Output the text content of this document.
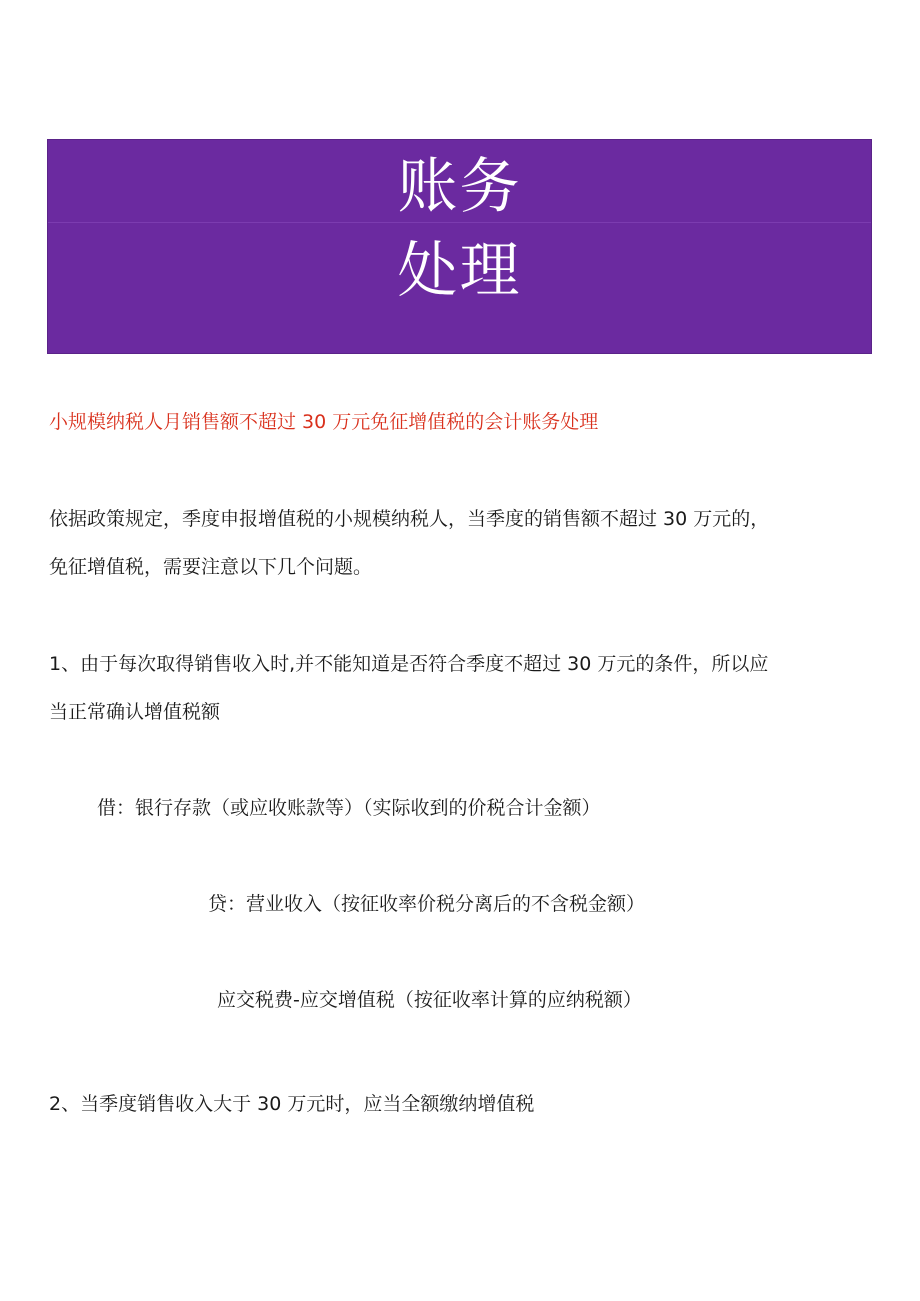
账务
处理
小规模纳税人月销售额不超过 30 万元免征增值税的会计账务处理
依据政策规定，季度申报增值税的小规模纳税人，当季度的销售额不超过 30 万元的，
免征增值税，需要注意以下几个问题。
1、由于每次取得销售收入时,并不能知道是否符合季度不超过 30 万元的条件，所以应
当正常确认增值税额
借：银行存款（或应收账款等）（实际收到的价税合计金额）
贷：营业收入（按征收率价税分离后的不含税金额）
应交税费-应交增值税（按征收率计算的应纳税额）
2、当季度销售收入大于 30 万元时，应当全额缴纳增值税
